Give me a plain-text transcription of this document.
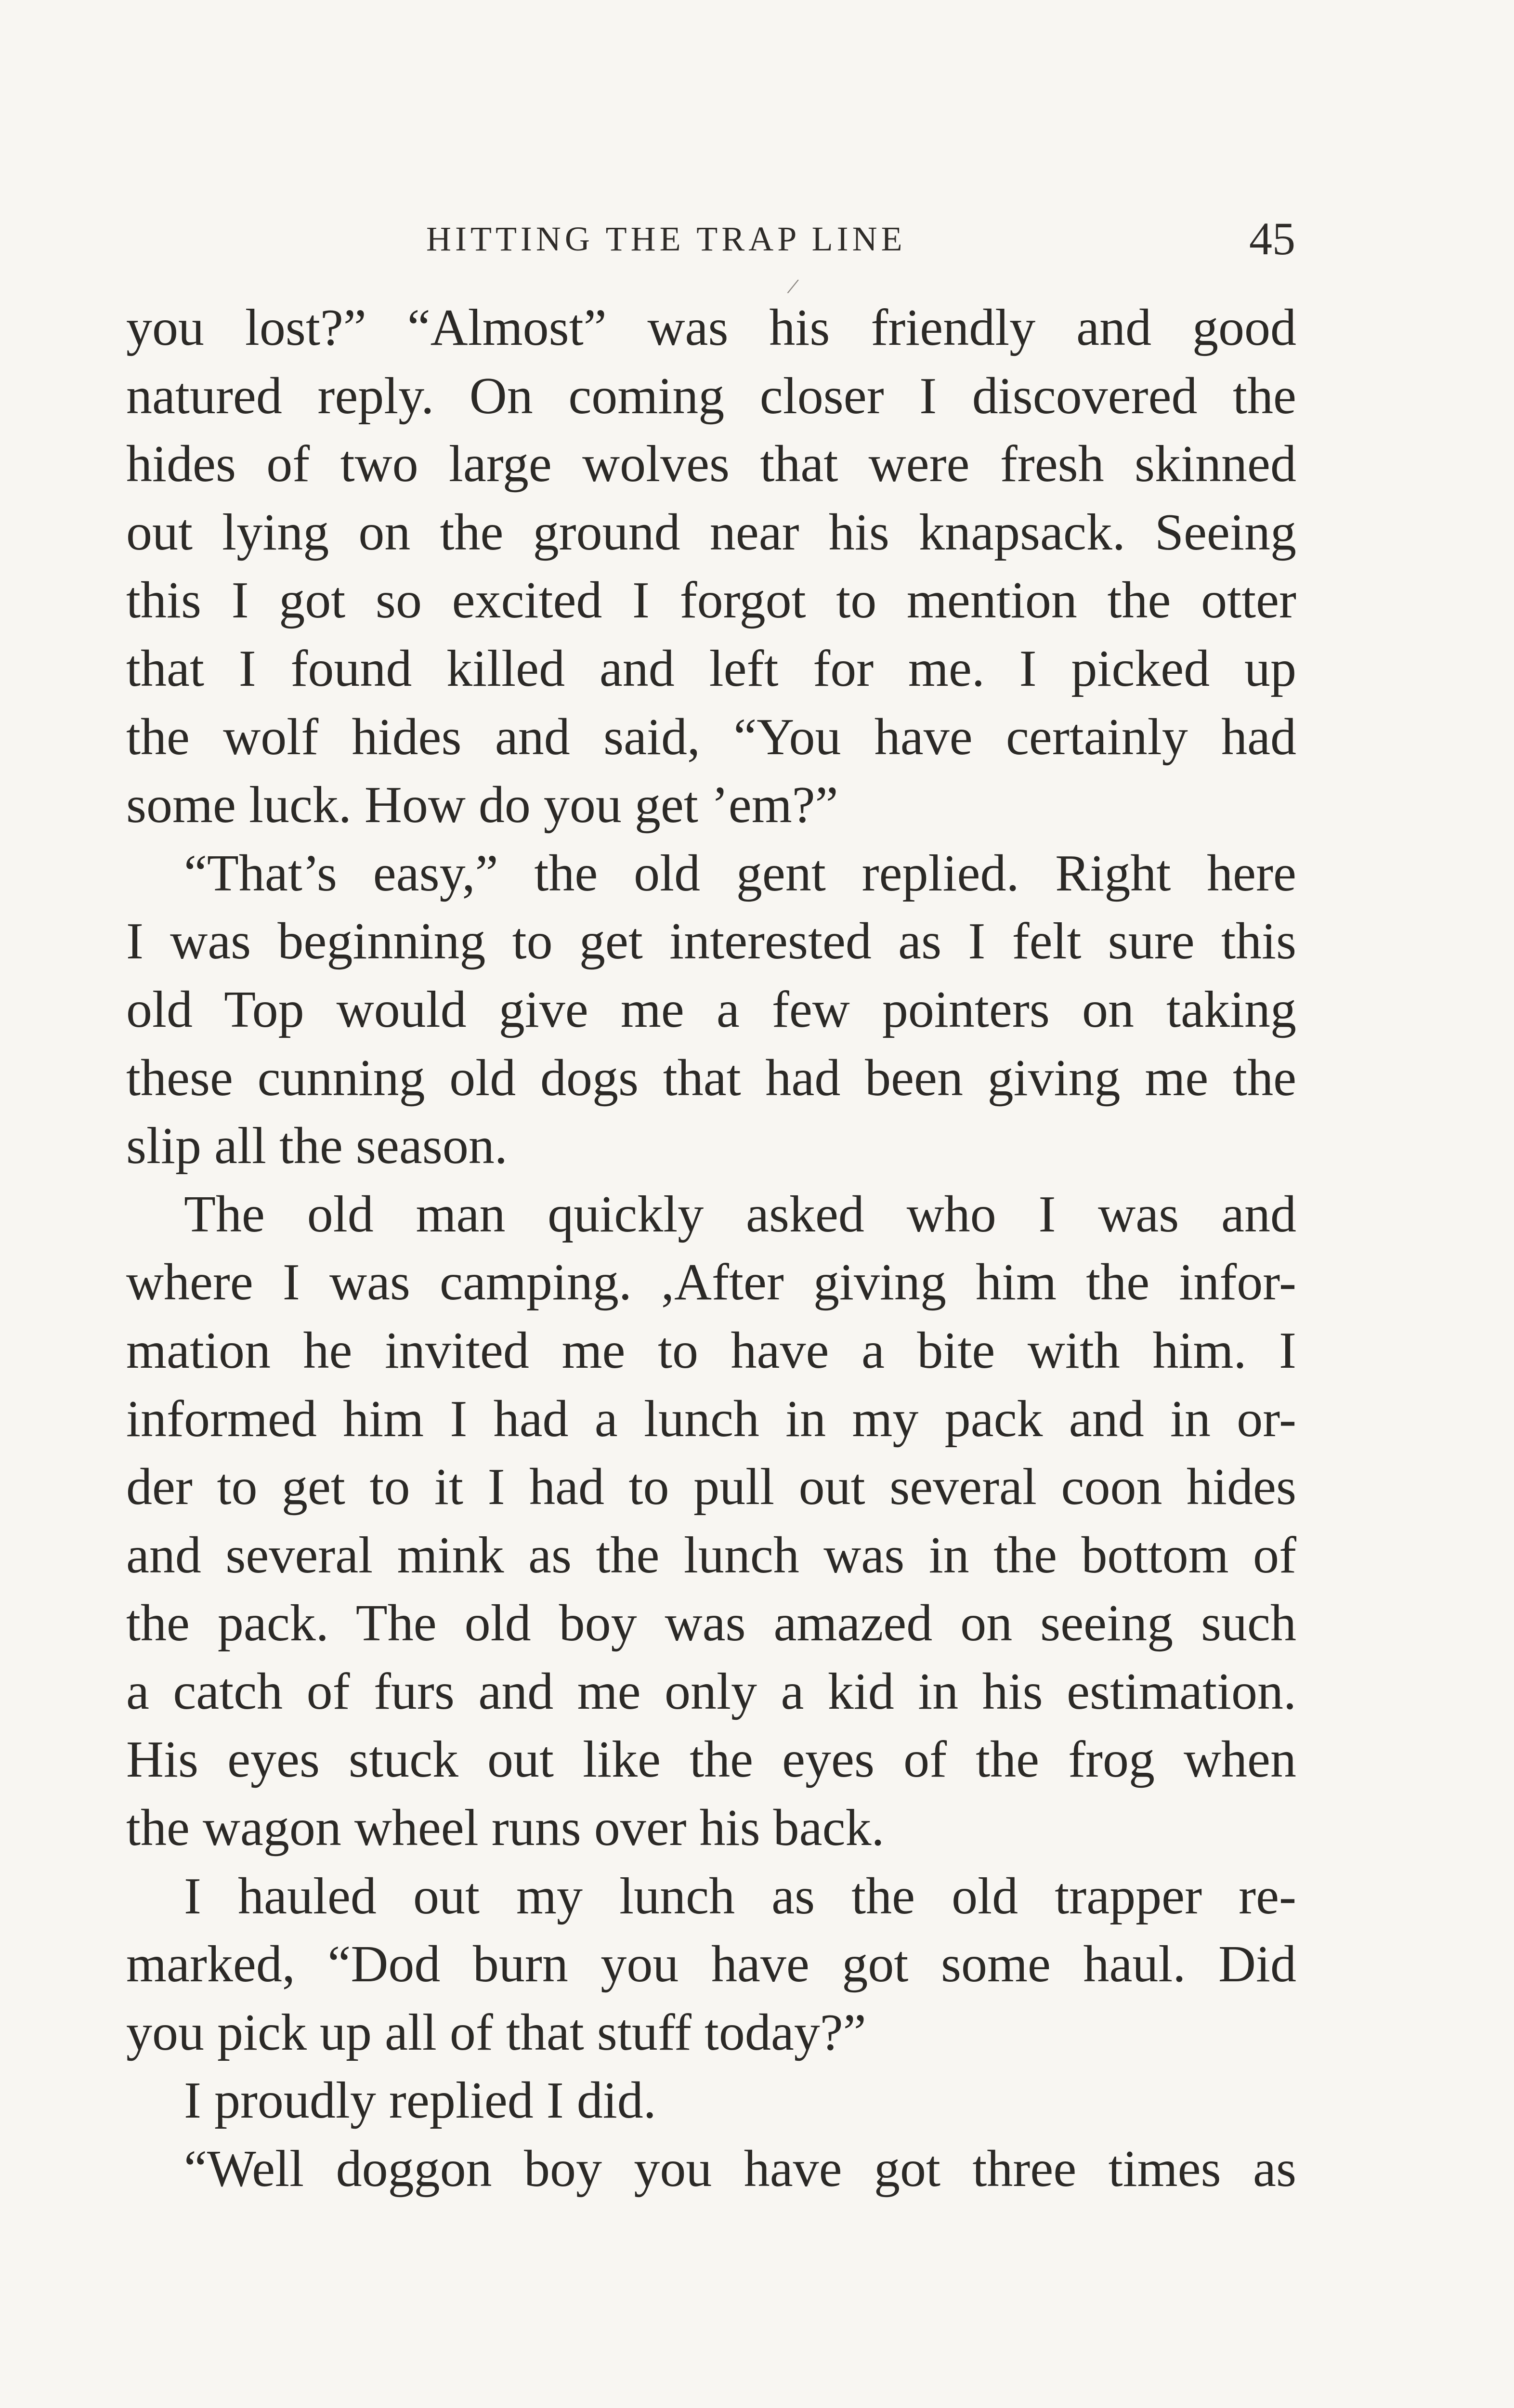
HITTING THE TRAP LINE	45
/
you lost?” “Almost” was his friendly and good
natured reply. On coming closer I discovered the
hides of two large wolves that were fresh skinned
out lying on the ground near his knapsack. Seeing
this I got so excited I forgot to mention the otter
that I found killed and left for me. I picked up
the wolf hides and said, “You have certainly had
some luck. How do you get ’em?”
“That’s easy,” the old gent replied. Right here
I was beginning to get interested as I felt sure this
old Top would give me a few pointers on taking
these cunning old dogs that had been giving me the
slip all the season.
The old man quickly asked who I was and
where I was camping. ,After giving him the infor-
mation he invited me to have a bite with him. I
informed him I had a lunch in my pack and in or-
der to get to it I had to pull out several coon hides
and several mink as the lunch was in the bottom of
the pack. The old boy was amazed on seeing such
a catch of furs and me only a kid in his estimation.
His eyes stuck out like the eyes of the frog when
the wagon wheel runs over his back.
I hauled out my lunch as the old trapper re-
marked, “Dod burn you have got some haul. Did
you pick up all of that stuff today?”
I proudly replied I did.
“Well doggon boy you have got three times as
